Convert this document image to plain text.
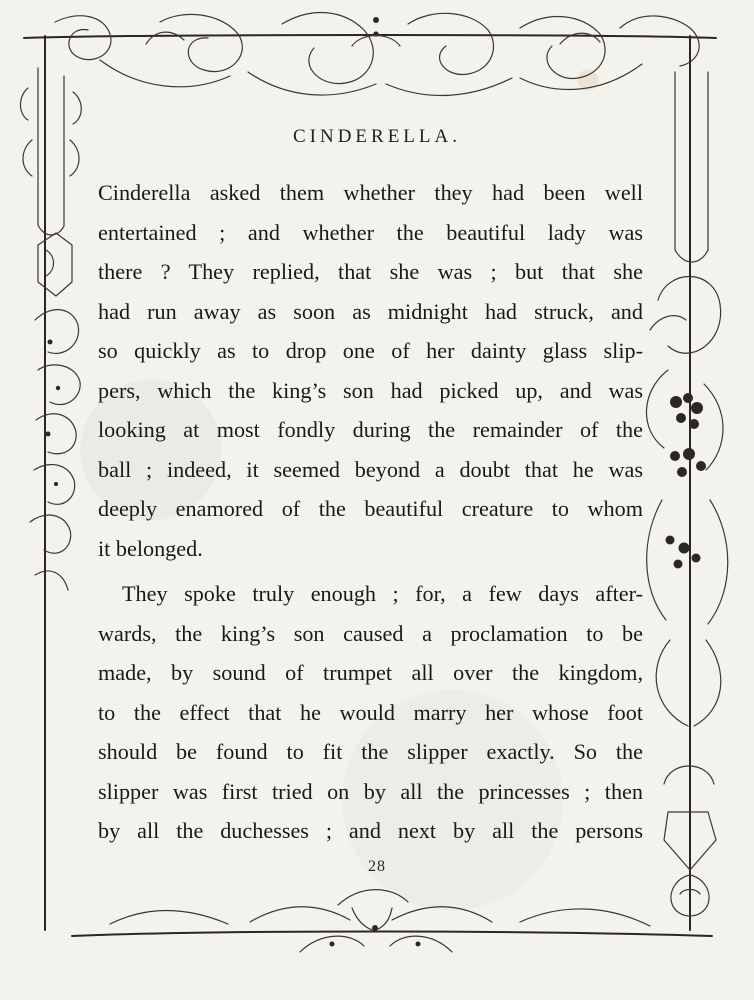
CINDERELLA.
Cinderella asked them whether they had been well
entertained ; and whether the beautiful lady was
there ? They replied, that she was ; but that she
had run away as soon as midnight had struck, and
so quickly as to drop one of her dainty glass slip-
pers, which the king’s son had picked up, and was
looking at most fondly during the remainder of the
ball ; indeed, it seemed beyond a doubt that he was
deeply enamored of the beautiful creature to whom
it belonged.
They spoke truly enough ; for, a few days after-
wards, the king’s son caused a proclamation to be
made, by sound of trumpet all over the kingdom,
to the effect that he would marry her whose foot
should be found to fit the slipper exactly. So the
slipper was first tried on by all the princesses ; then
by all the duchesses ; and next by all the persons
28
